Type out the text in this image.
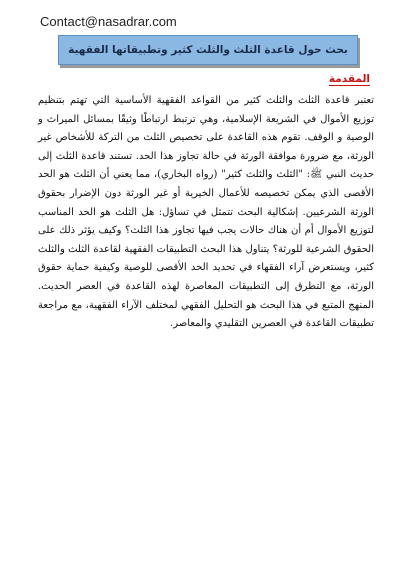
Contact@nasadrar.com
بحث حول قاعدة الثلث والثلث كثير وتطبيقاتها الفقهية
المقدمة
تعتبر قاعدة الثلث والثلث كثير من القواعد الفقهية الأساسية التي تهتم بتنظيم توزيع الأموال في الشريعة الإسلامية، وهي ترتبط ارتباطًا وثيقًا بمسائل الميراث و الوصية و الوقف. تقوم هذه القاعدة على تخصيص الثلث من التركة للأشخاص غير الورثة، مع ضرورة موافقة الورثة في حالة تجاوز هذا الحد. تستند قاعدة الثلث إلى حديث النبي ﷺ: "الثلث والثلث كثير" (رواه البخاري)، مما يعني أن الثلث هو الحد الأقصى الذي يمكن تخصيصه للأعمال الخيرية أو غير الورثة دون الإضرار بحقوق الورثة الشرعيين. إشكالية البحث تتمثل في تساؤل: هل الثلث هو الحد المناسب لتوزيع الأموال أم أن هناك حالات يجب فيها تجاوز هذا الثلث؟ وكيف يؤثر ذلك على الحقوق الشرعية للورثة؟ يتناول هذا البحث التطبيقات الفقهية لقاعدة الثلث والثلث كثير، ويستعرض آراء الفقهاء في تحديد الحد الأقصى للوصية وكيفية حماية حقوق الورثة، مع التطرق إلى التطبيقات المعاصرة لهذه القاعدة في العصر الحديث. المنهج المتبع في هذا البحث هو التحليل الفقهي لمختلف الآراء الفقهية، مع مراجعة تطبيقات القاعدة في العصرين التقليدي والمعاصر.
